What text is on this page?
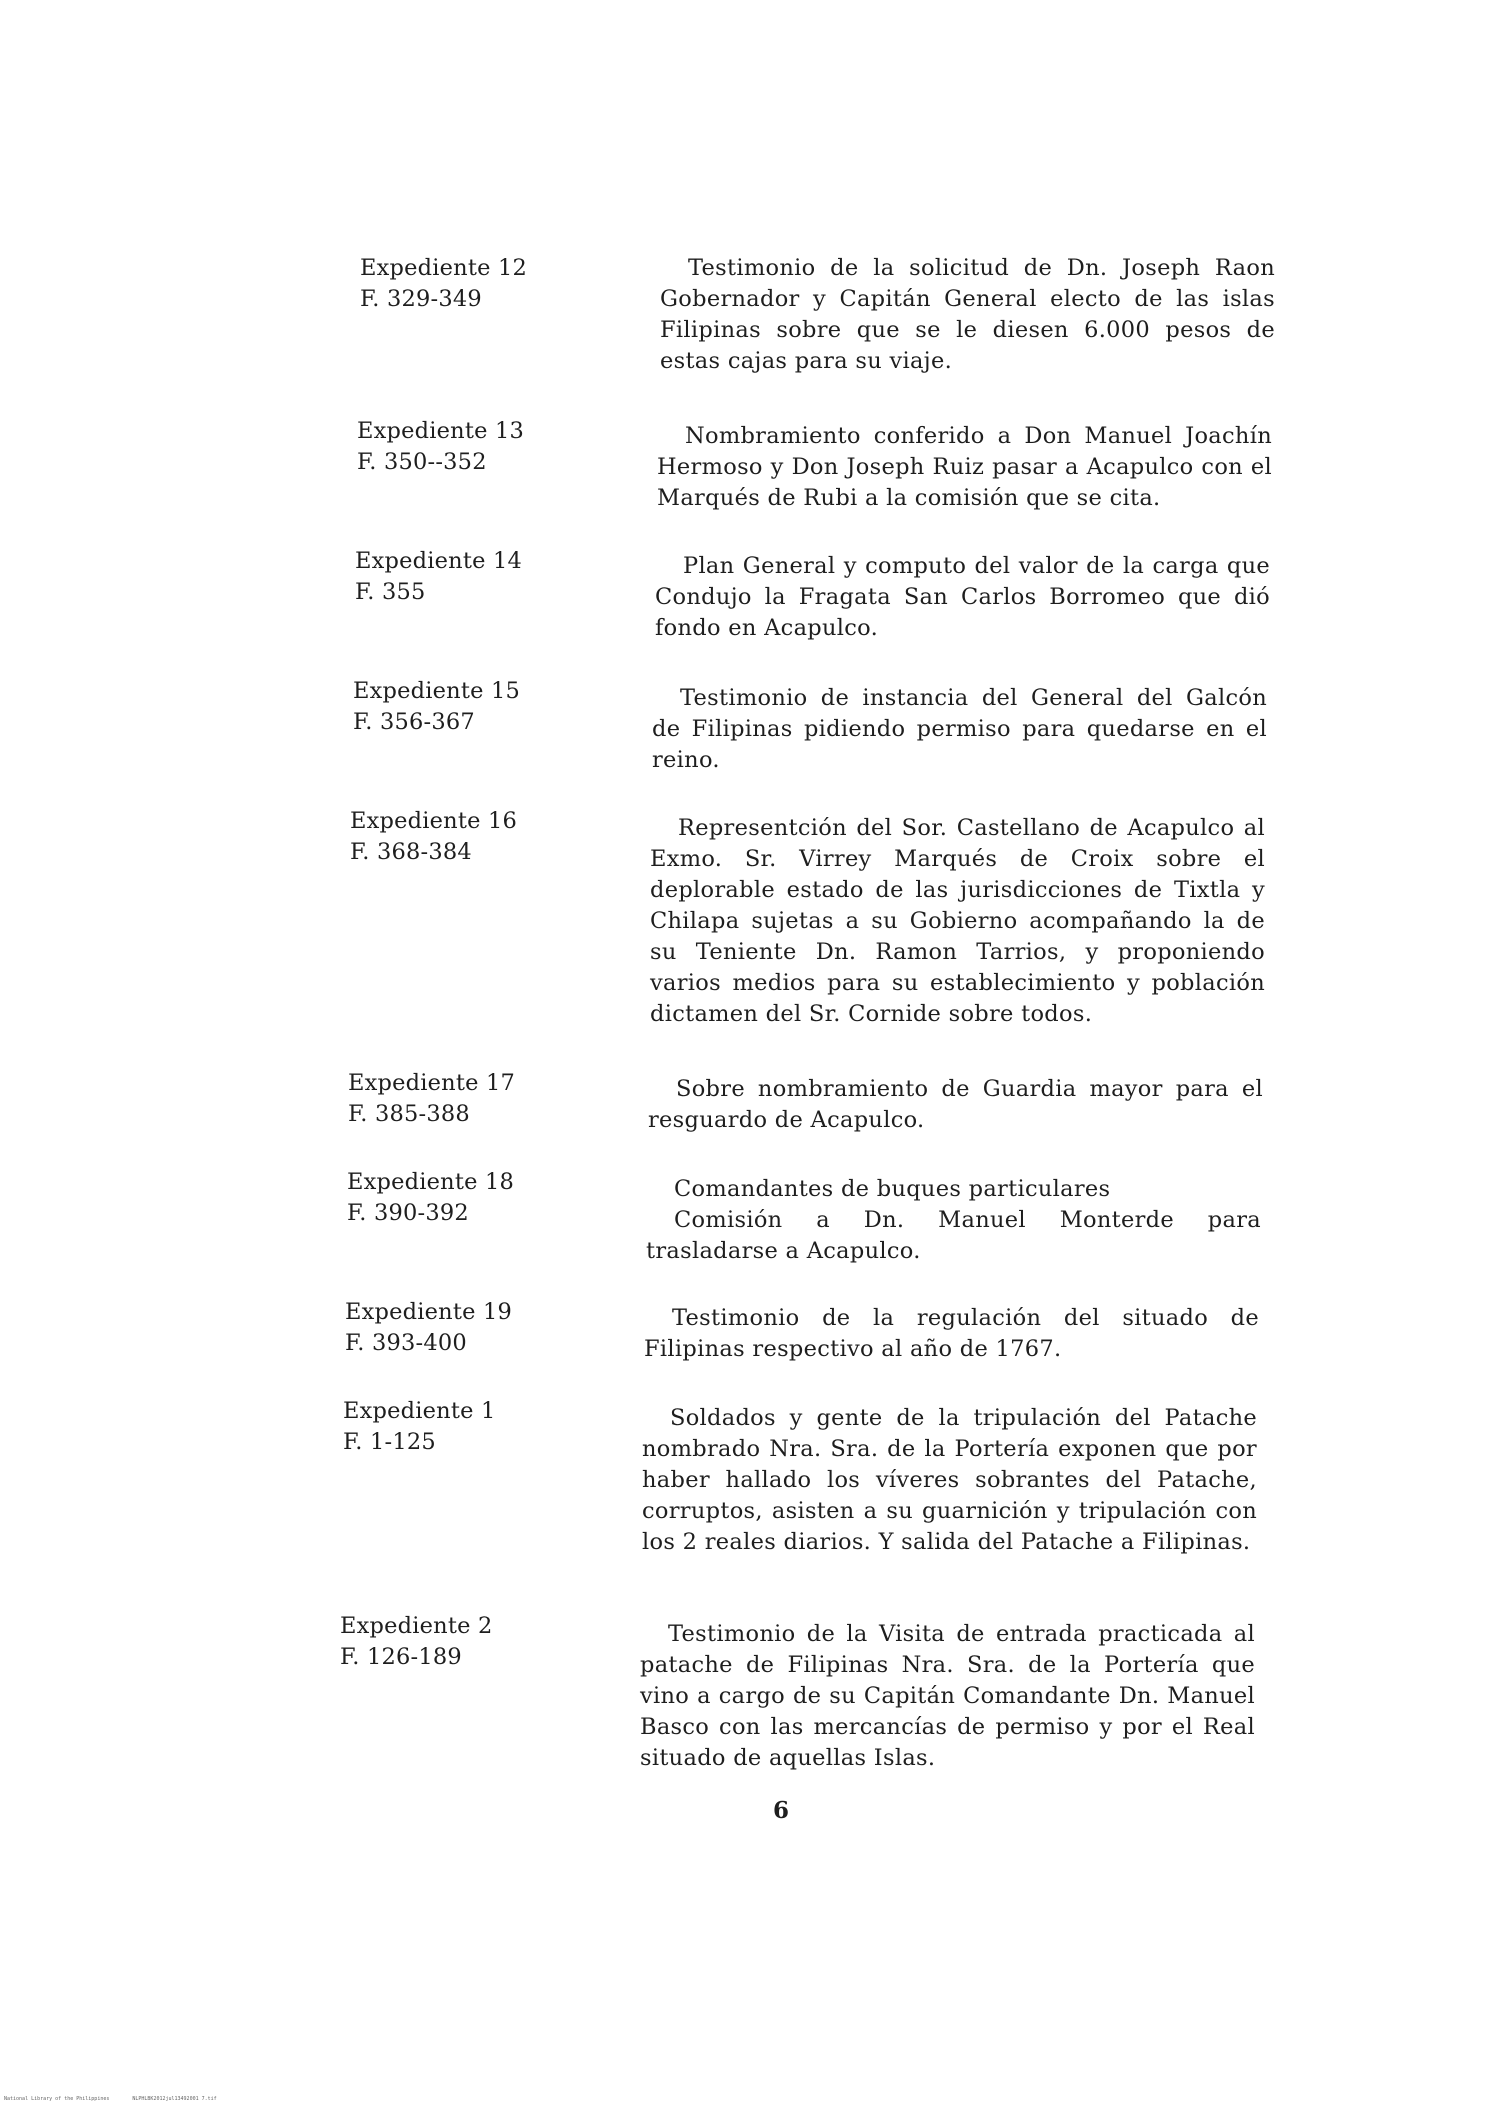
Expediente 12
F. 329-349

Testimonio de la solicitud de Dn. Joseph Raon Gobernador y Capitán General electo de las islas Filipinas sobre que se le diesen 6.000 pesos de estas cajas para su viaje.

Expediente 13
F. 350--352

Nombramiento conferido a Don Manuel Joachín Hermoso y Don Joseph Ruiz pasar a Acapulco con el Marqués de Rubi a la comisión que se cita.

Expediente 14
F. 355

Plan General y computo del valor de la carga que Condujo la Fragata San Carlos Borromeo que dió fondo en Acapulco.

Expediente 15
F. 356-367

Testimonio de instancia del General del Galcón de Filipinas pidiendo permiso para quedarse en el reino.

Expediente 16
F. 368-384

Representción del Sor. Castellano de Acapulco al Exmo. Sr. Virrey Marqués de Croix sobre el deplorable estado de las jurisdicciones de Tixtla y Chilapa sujetas a su Gobierno acompañando la de su Teniente Dn. Ramon Tarrios, y proponiendo varios medios para su establecimiento y población dictamen del Sr. Cornide sobre todos.

Expediente 17
F. 385-388

Sobre nombramiento de Guardia mayor para el resguardo de Acapulco.

Expediente 18
F. 390-392

Comandantes de buques particulares

Comisión a Dn. Manuel Monterde para trasladarse a Acapulco.

Expediente 19
F. 393-400

Testimonio de la regulación del situado de Filipinas respectivo al año de 1767.

Expediente 1
F. 1-125

Soldados y gente de la tripulación del Patache nombrado Nra. Sra. de la Portería exponen que por haber hallado los víveres sobrantes del Patache, corruptos, asisten a su guarnición y tripulación con los 2 reales diarios. Y salida del Patache a Filipinas.

Expediente 2
F. 126-189

Testimonio de la Visita de entrada practicada al patache de Filipinas Nra. Sra. de la Portería que vino a cargo de su Capitán Comandante Dn. Manuel Basco con las mercancías de permiso y por el Real situado de aquellas Islas.

6
National Library of the Philippines	NLPHLBK2012jul13492001 7.tif
